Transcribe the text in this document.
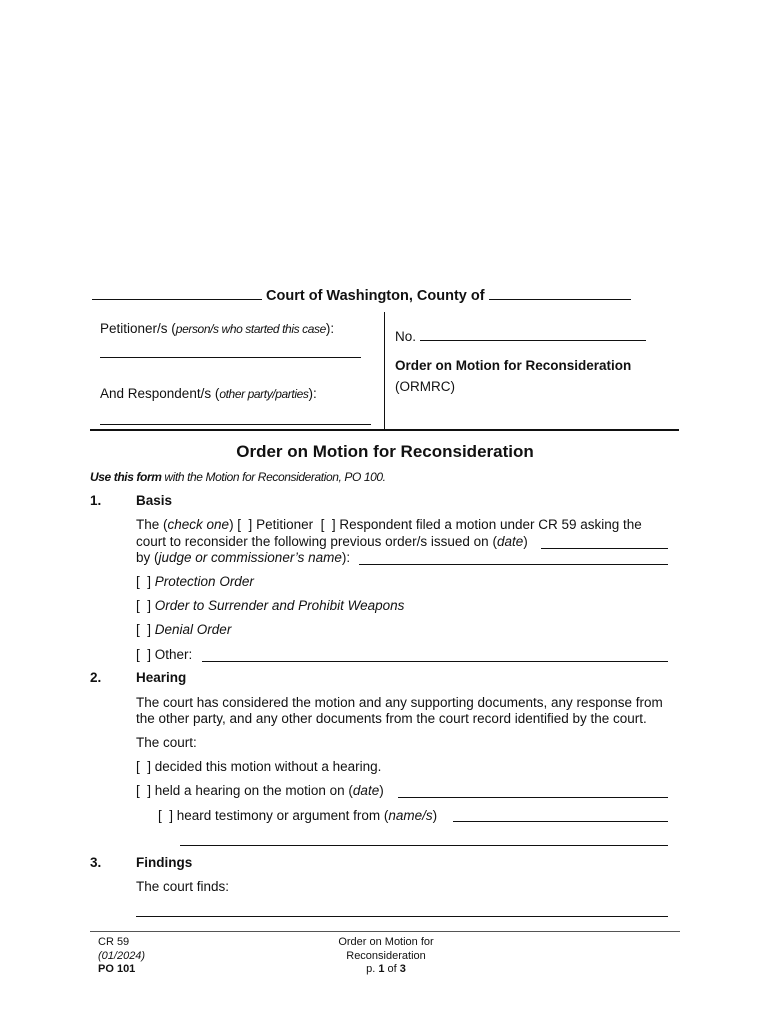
Court of Washington, County of
Petitioner/s (person/s who started this case):
And Respondent/s (other party/parties):
No.
Order on Motion for Reconsideration
(ORMRC)
Order on Motion for Reconsideration
Use this form with the Motion for Reconsideration, PO 100.
1.	Basis
The (check one) [  ] Petitioner  [  ] Respondent filed a motion under CR 59 asking the
court to reconsider the following previous order/s issued on (date)
by (judge or commissioner’s name):
[  ] Protection Order
[  ] Order to Surrender and Prohibit Weapons
[  ] Denial Order
[  ] Other:
2.	Hearing
The court has considered the motion and any supporting documents, any response from
the other party, and any other documents from the court record identified by the court.
The court:
[  ] decided this motion without a hearing.
[  ] held a hearing on the motion on (date)
[  ] heard testimony or argument from (name/s)
3.	Findings
The court finds:
CR 59
(01/2024)
PO 101
Order on Motion for
Reconsideration
p. 1 of 3
